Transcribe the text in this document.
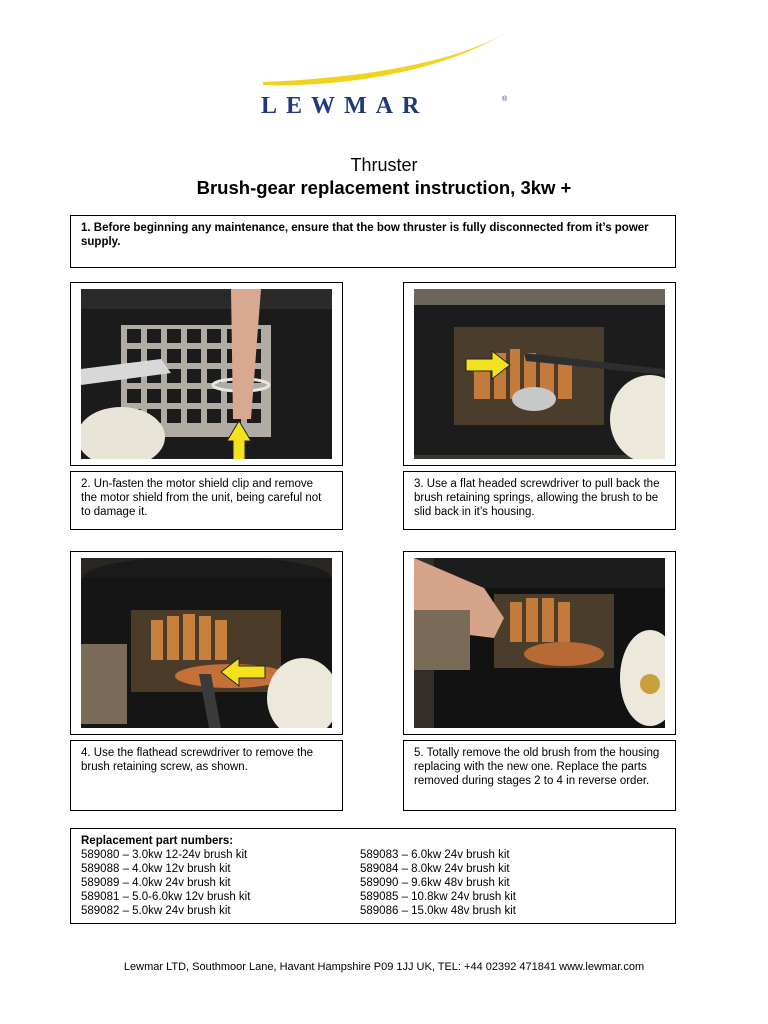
LEWMAR	®
Thruster
Brush-gear replacement instruction, 3kw +
1. Before beginning any maintenance, ensure that the bow thruster is fully disconnected from it’s power supply.
2. Un-fasten the motor shield clip and remove the motor shield from the unit, being careful not to damage it.
3. Use a flat headed screwdriver to pull back the brush retaining springs, allowing the brush to be slid back in it’s housing.
4. Use the flathead screwdriver to remove the brush retaining screw, as shown.
5. Totally remove the old brush from the housing replacing with the new one. Replace the parts removed during stages 2 to 4 in reverse order.
Replacement part numbers:
589080 – 3.0kw 12-24v brush kit
589088 – 4.0kw 12v brush kit
589089 – 4.0kw 24v brush kit
589081 – 5.0-6.0kw 12v brush kit
589082 – 5.0kw 24v brush kit
589083 – 6.0kw 24v brush kit
589084 – 8.0kw 24v brush kit
589090 – 9.6kw 48v brush kit
589085 – 10.8kw 24v brush kit
589086 – 15.0kw 48v brush kit
Lewmar LTD, Southmoor Lane, Havant Hampshire P09 1JJ UK, TEL: +44 02392 471841 www.lewmar.com
